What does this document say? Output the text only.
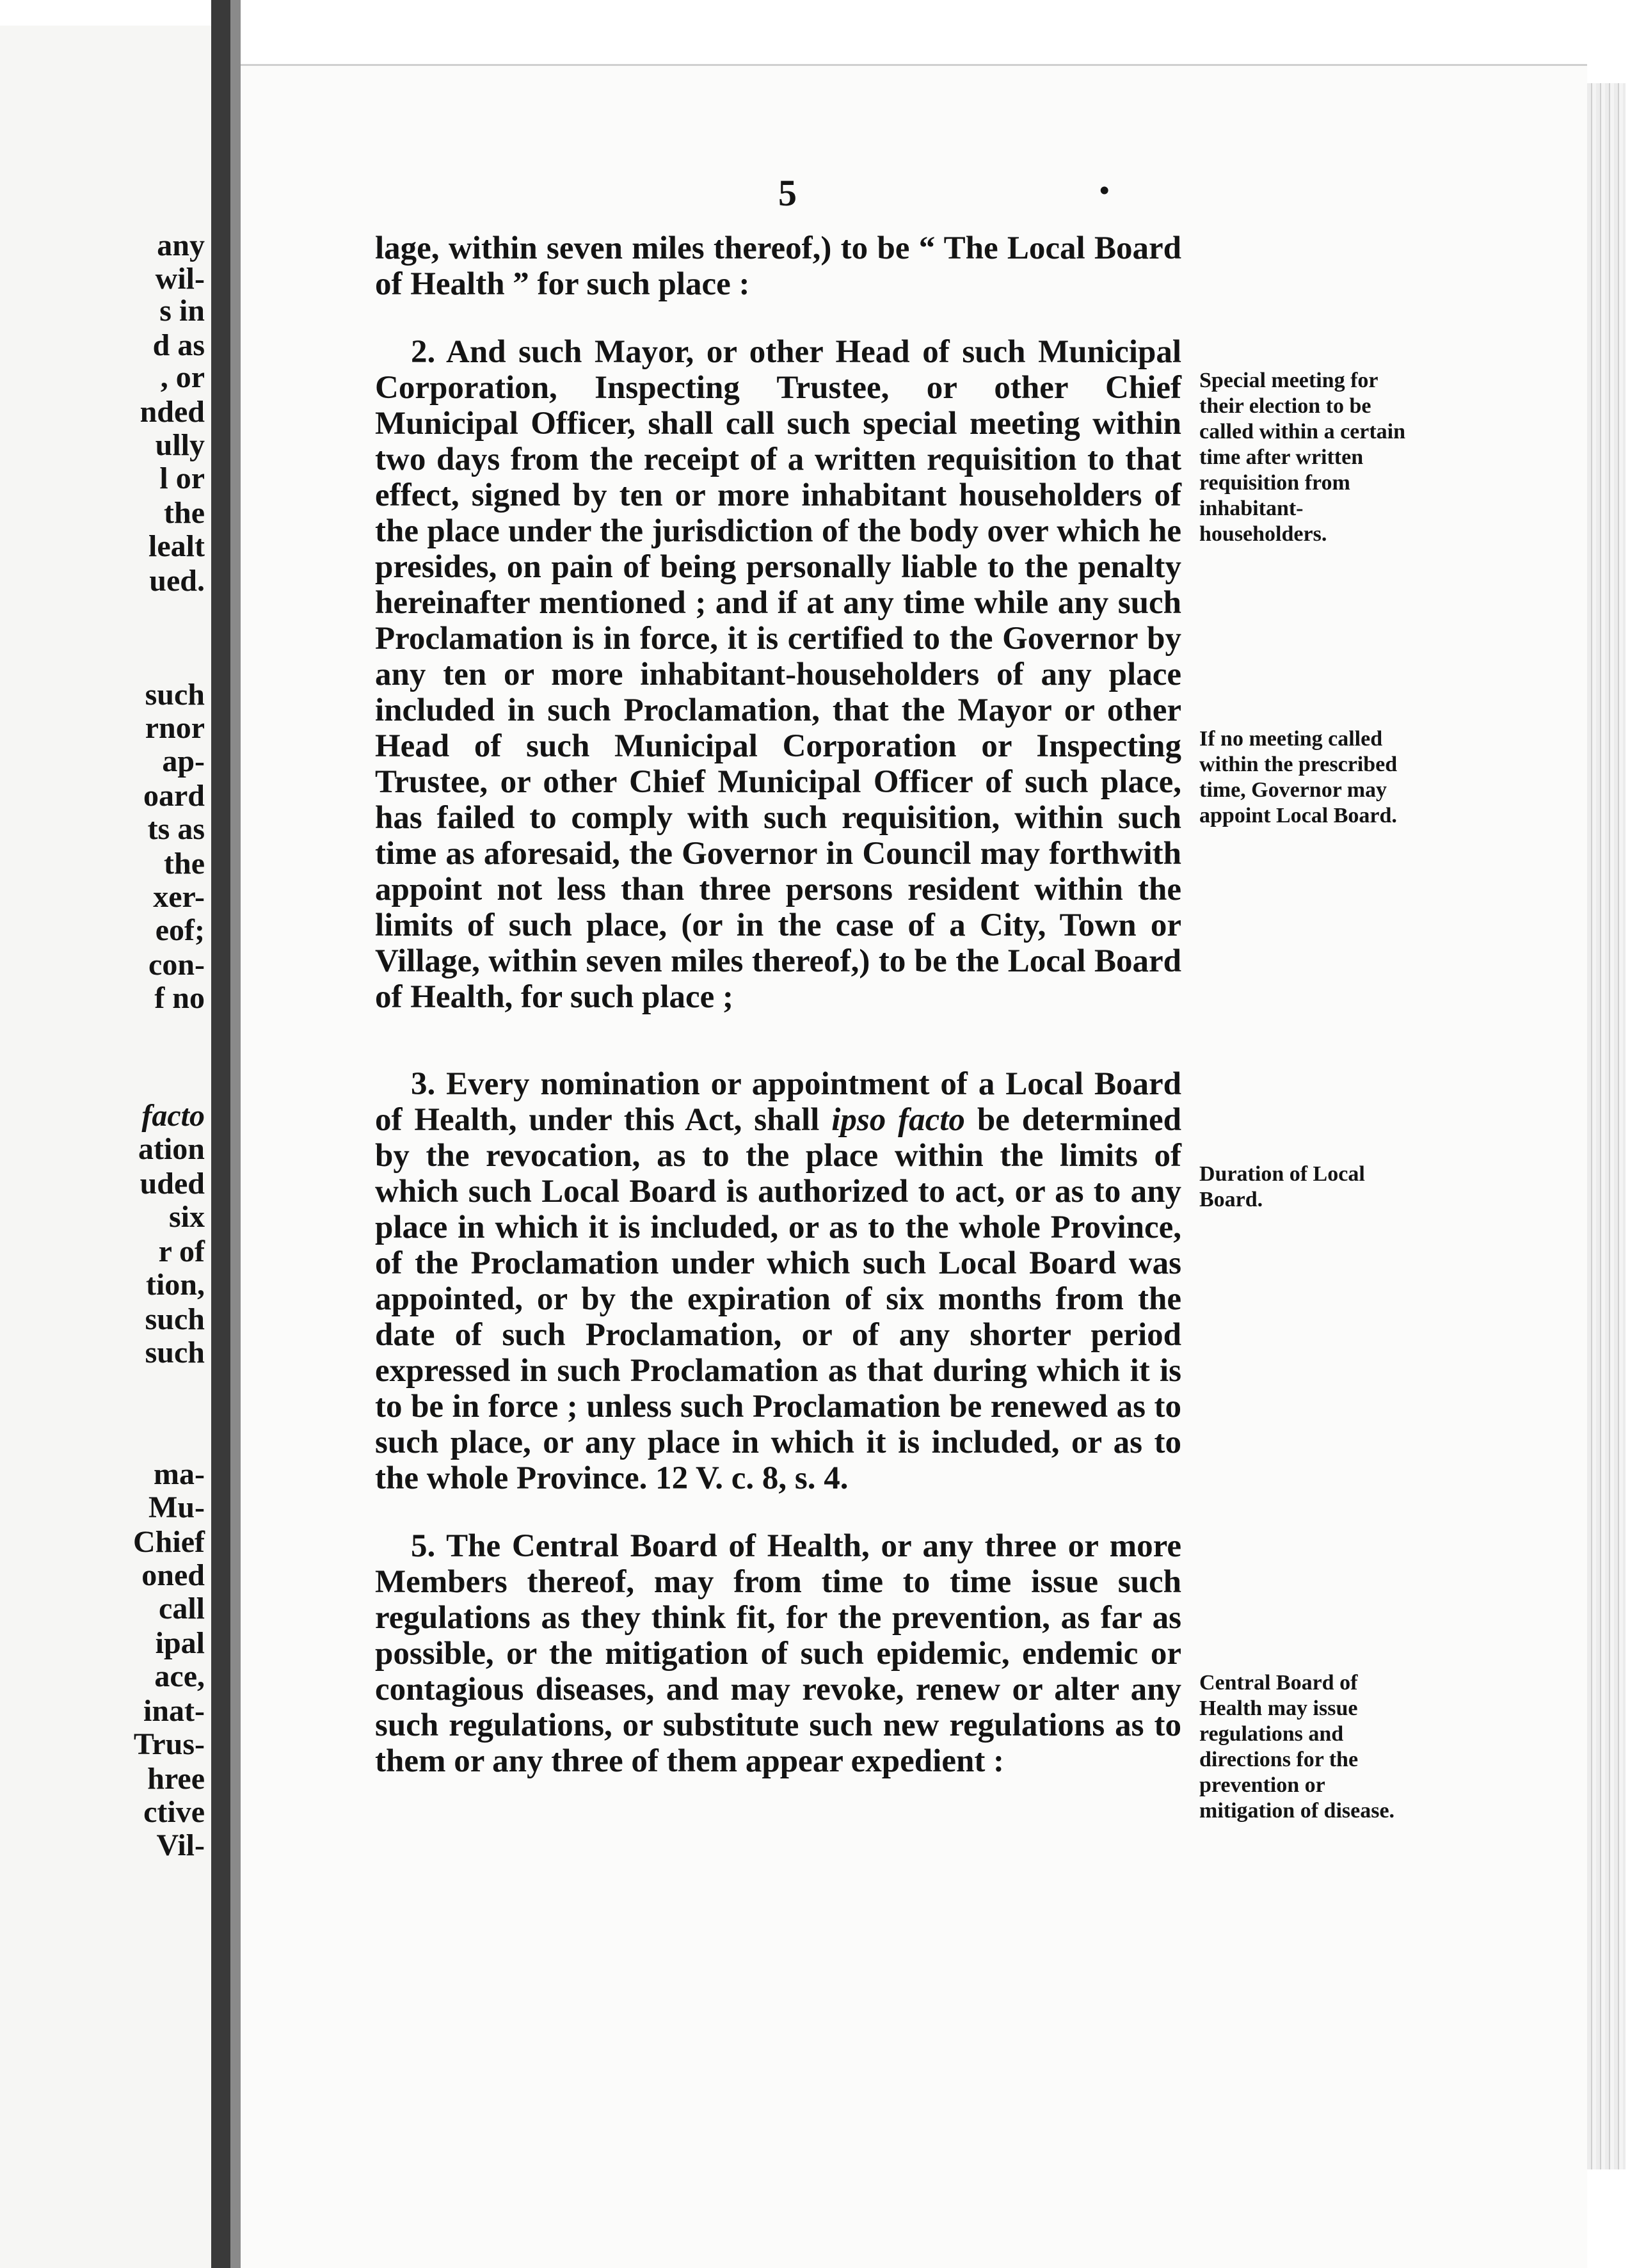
any
wil-
s in
d as
, or
nded
ully
l or
the
lealt
ued.
such
rnor
ap-
oard
ts as
the
xer-
eof;
con-
f no
facto
ation
uded
six
r of
tion,
such
such
ma-
Mu-
Chief
oned
call
ipal
ace,
inat-
Trus-
hree
ctive
Vil-
5	•

lage, within seven miles thereof,) to be “ The Local Board of Health ” for such place :

2. And such Mayor, or other Head of such Municipal Corporation, Inspecting Trustee, or other Chief Municipal Officer, shall call such special meeting within two days from the receipt of a written requisition to that effect, signed by ten or more inhabitant householders of the place under the jurisdiction of the body over which he presides, on pain of being personally liable to the penalty hereinafter mentioned ; and if at any time while any such Proclamation is in force, it is certified to the Governor by any ten or more inhabitant-householders of any place included in such Proclamation, that the Mayor or other Head of such Municipal Corporation or Inspecting Trustee, or other Chief Municipal Officer of such place, has failed to comply with such requisition, within such time as aforesaid, the Governor in Council may forthwith appoint not less than three persons resident within the limits of such place, (or in the case of a City, Town or Village, within seven miles thereof,) to be the Local Board of Health, for such place ;

3. Every nomination or appointment of a Local Board of Health, under this Act, shall ipso facto be determined by the revocation, as to the place within the limits of which such Local Board is authorized to act, or as to any place in which it is included, or as to the whole Province, of the Proclamation under which such Local Board was appointed, or by the expiration of six months from the date of such Proclamation, or of any shorter period expressed in such Proclamation as that during which it is to be in force ; unless such Proclamation be renewed as to such place, or any place in which it is included, or as to the whole Province. 12 V. c. 8, s. 4.

5. The Central Board of Health, or any three or more Members thereof, may from time to time issue such regulations as they think fit, for the prevention, as far as possible, or the mitigation of such epidemic, endemic or contagious diseases, and may revoke, renew or alter any such regulations, or substitute such new regulations as to them or any three of them appear expedient :

Special meeting for their election to be called within a certain time after written requisition from inhabitant-householders.
If no meeting called within the prescribed time, Governor may appoint Local Board.
Duration of Local Board.
Central Board of Health may issue regulations and directions for the prevention or mitigation of disease.
